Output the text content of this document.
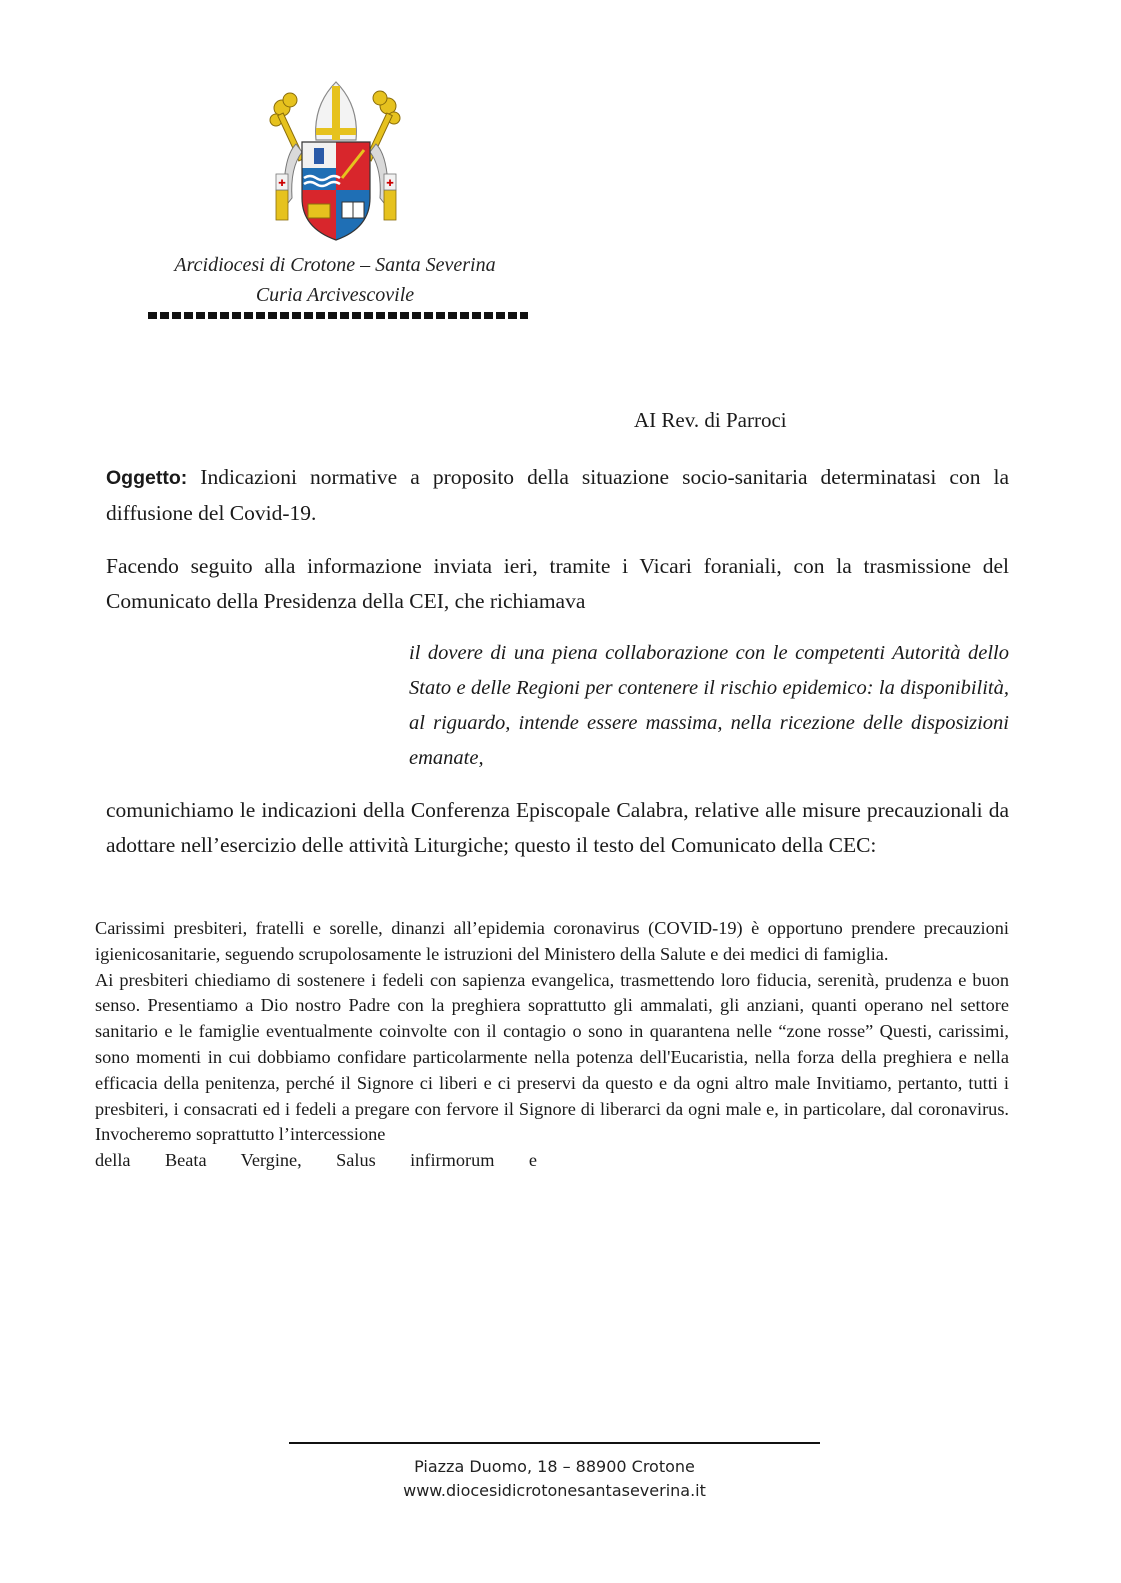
✚	✚
Arcidiocesi di Crotone – Santa Severina
Curia Arcivescovile
AI Rev. di Parroci
Oggetto: Indicazioni normative a proposito della situazione socio-sanitaria determinatasi con la diffusione del Covid-19.
Facendo seguito alla informazione inviata ieri, tramite i Vicari foraniali, con la trasmissione del Comunicato della Presidenza della CEI, che richiamava
il dovere di una piena collaborazione con le competenti Autorità dello Stato e delle Regioni per contenere il rischio epidemico: la disponibilità, al riguardo, intende essere massima, nella ricezione delle disposizioni emanate,
comunichiamo le indicazioni della Conferenza Episcopale Calabra, relative alle misure precauzionali da adottare nell’esercizio delle attività Liturgiche; questo il testo del Comunicato della CEC:

Carissimi presbiteri, fratelli e sorelle, dinanzi all’epidemia coronavirus (COVID-19) è opportuno prendere precauzioni igienicosanitarie, seguendo scrupolosamente le istruzioni del Ministero della Salute e dei medici di famiglia.

Ai presbiteri chiediamo di sostenere i fedeli con sapienza evangelica, trasmettendo loro fiducia, serenità, prudenza e buon senso. Presentiamo a Dio nostro Padre con la preghiera soprattutto gli ammalati, gli anziani, quanti operano nel settore sanitario e le famiglie eventualmente coinvolte con il contagio o sono in quarantena nelle “zone rosse” Questi, carissimi, sono momenti in cui dobbiamo confidare particolarmente nella potenza dell'Eucaristia, nella forza della preghiera e nella efficacia della penitenza, perché il Signore ci liberi e ci preservi da questo e da ogni altro male Invitiamo, pertanto, tutti i presbiteri, i consacrati ed i fedeli a pregare con fervore il Signore di liberarci da ogni male e, in particolare, dal coronavirus. Invocheremo soprattutto l’intercessione

della Beata Vergine, Salus infirmorum e

Piazza Duomo, 18 – 88900 Crotone
www.diocesidicrotonesantaseverina.it
